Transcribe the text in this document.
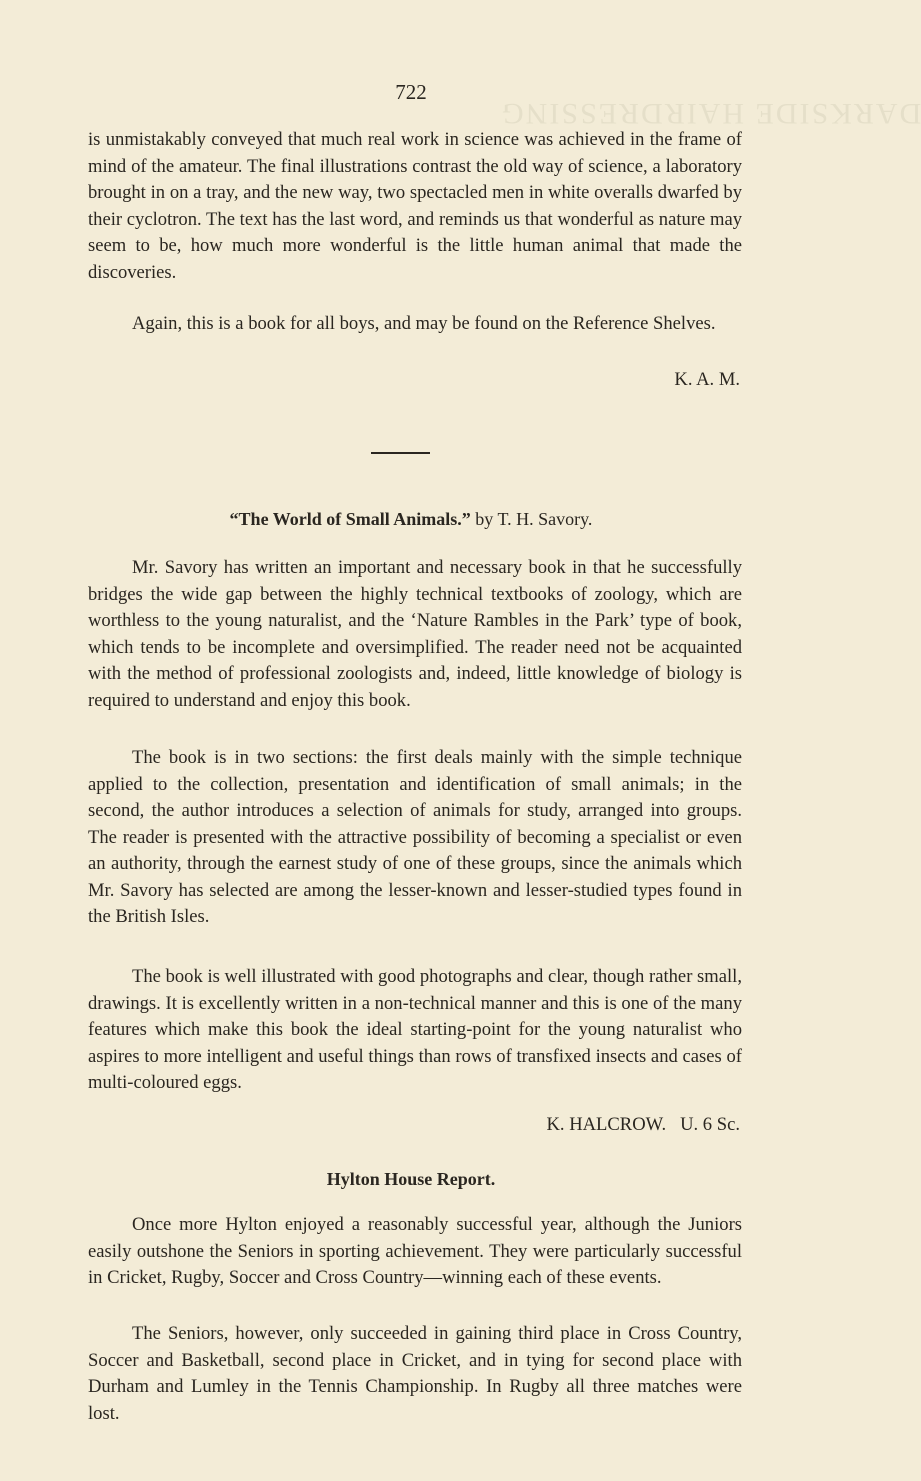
DARKSIDE HAIRDRESSING
722

is unmistakably conveyed that much real work in science was achieved in the frame of mind of the amateur. The final illustrations contrast the old way of science, a laboratory brought in on a tray, and the new way, two spectacled men in white overalls dwarfed by their cyclotron. The text has the last word, and reminds us that wonderful as nature may seem to be, how much more wonderful is the little human animal that made the discoveries.

Again, this is a book for all boys, and may be found on the Reference Shelves.

K. A. M.
“The World of Small Animals.” by T. H. Savory.

Mr. Savory has written an important and necessary book in that he successfully bridges the wide gap between the highly technical textbooks of zoology, which are worthless to the young naturalist, and the ‘Nature Rambles in the Park’ type of book, which tends to be incomplete and oversimplified. The reader need not be acquainted with the method of professional zoologists and, indeed, little knowledge of biology is required to understand and enjoy this book.

The book is in two sections: the first deals mainly with the simple technique applied to the collection, presentation and identification of small animals; in the second, the author introduces a selection of animals for study, arranged into groups. The reader is presented with the attractive possibility of becoming a specialist or even an authority, through the earnest study of one of these groups, since the animals which Mr. Savory has selected are among the lesser-known and lesser-studied types found in the British Isles.

The book is well illustrated with good photographs and clear, though rather small, drawings. It is excellently written in a non-technical manner and this is one of the many features which make this book the ideal starting-point for the young naturalist who aspires to more intelligent and useful things than rows of transfixed insects and cases of multi-coloured eggs.

K. HALCROW.   U. 6 Sc.
Hylton House Report.

Once more Hylton enjoyed a reasonably successful year, although the Juniors easily outshone the Seniors in sporting achievement. They were particularly successful in Cricket, Rugby, Soccer and Cross Country—winning each of these events.

The Seniors, however, only succeeded in gaining third place in Cross Country, Soccer and Basketball, second place in Cricket, and in tying for second place with Durham and Lumley in the Tennis Championship. In Rugby all three matches were lost.
